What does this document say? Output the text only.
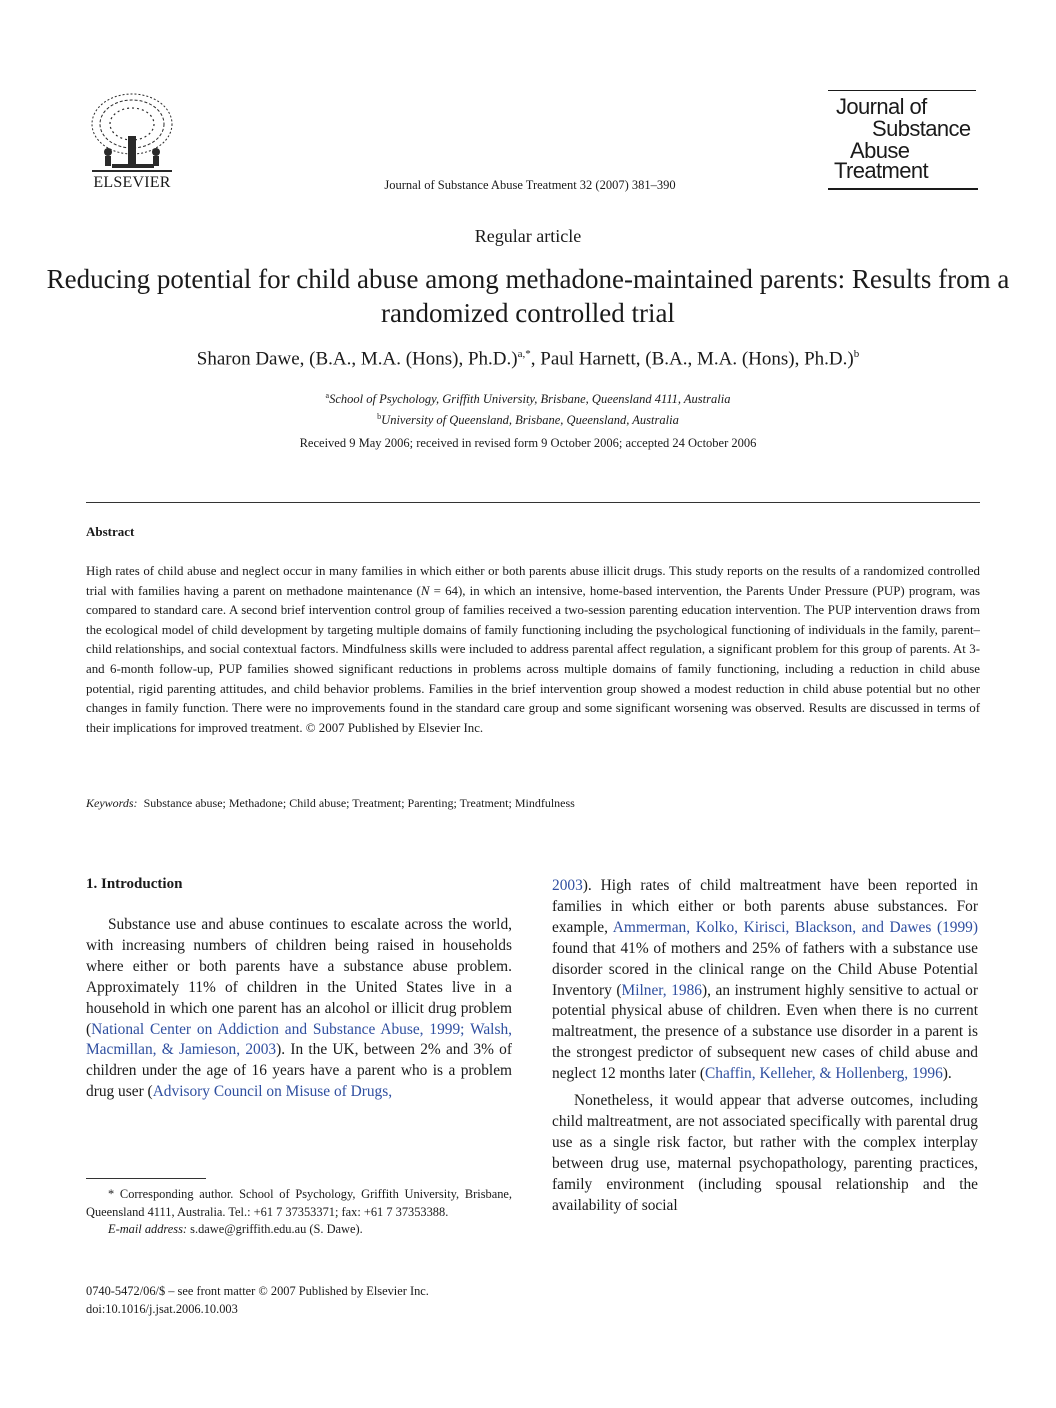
ELSEVIER	Journal of Substance Abuse Treatment 32 (2007) 381–390
Journal of
Substance
Abuse
Treatment
Regular article
Reducing potential for child abuse among methadone-maintained parents: Results from a randomized controlled trial
Sharon Dawe, (B.A., M.A. (Hons), Ph.D.)$^{a,*}$, Paul Harnett, (B.A., M.A. (Hons), Ph.D.)$^b$
$^a$School of Psychology, Griffith University, Brisbane, Queensland 4111, Australia
$^b$University of Queensland, Brisbane, Queensland, Australia
Received 9 May 2006; received in revised form 9 October 2006; accepted 24 October 2006
Abstract

High rates of child abuse and neglect occur in many families in which either or both parents abuse illicit drugs. This study reports on the results of a randomized controlled trial with families having a parent on methadone maintenance (N = 64), in which an intensive, home-based intervention, the Parents Under Pressure (PUP) program, was compared to standard care. A second brief intervention control group of families received a two-session parenting education intervention. The PUP intervention draws from the ecological model of child development by targeting multiple domains of family functioning including the psychological functioning of individuals in the family, parent–child relationships, and social contextual factors. Mindfulness skills were included to address parental affect regulation, a significant problem for this group of parents. At 3- and 6-month follow-up, PUP families showed significant reductions in problems across multiple domains of family functioning, including a reduction in child abuse potential, rigid parenting attitudes, and child behavior problems. Families in the brief intervention group showed a modest reduction in child abuse potential but no other changes in family function. There were no improvements found in the standard care group and some significant worsening was observed. Results are discussed in terms of their implications for improved treatment. © 2007 Published by Elsevier Inc.

Keywords: Substance abuse; Methadone; Child abuse; Treatment; Parenting; Treatment; Mindfulness
1. Introduction

Substance use and abuse continues to escalate across the world, with increasing numbers of children being raised in households where either or both parents have a substance abuse problem. Approximately 11% of children in the United States live in a household in which one parent has an alcohol or illicit drug problem (National Center on Addiction and Substance Abuse, 1999; Walsh, Macmillan, & Jamieson, 2003). In the UK, between 2% and 3% of children under the age of 16 years have a parent who is a problem drug user (Advisory Council on Misuse of Drugs,

2003). High rates of child maltreatment have been reported in families in which either or both parents abuse substances. For example, Ammerman, Kolko, Kirisci, Blackson, and Dawes (1999) found that 41% of mothers and 25% of fathers with a substance use disorder scored in the clinical range on the Child Abuse Potential Inventory (Milner, 1986), an instrument highly sensitive to actual or potential physical abuse of children. Even when there is no current maltreatment, the presence of a substance use disorder in a parent is the strongest predictor of subsequent new cases of child abuse and neglect 12 months later (Chaffin, Kelleher, & Hollenberg, 1996).

Nonetheless, it would appear that adverse outcomes, including child maltreatment, are not associated specifically with parental drug use as a single risk factor, but rather with the complex interplay between drug use, maternal psychopathology, parenting practices, family environment (including spousal relationship and the availability of social

* Corresponding author. School of Psychology, Griffith University, Brisbane, Queensland 4111, Australia. Tel.: +61 7 37353371; fax: +61 7 37353388.
E-mail address: s.dawe@griffith.edu.au (S. Dawe).
0740-5472/06/$ – see front matter © 2007 Published by Elsevier Inc.
doi:10.1016/j.jsat.2006.10.003
